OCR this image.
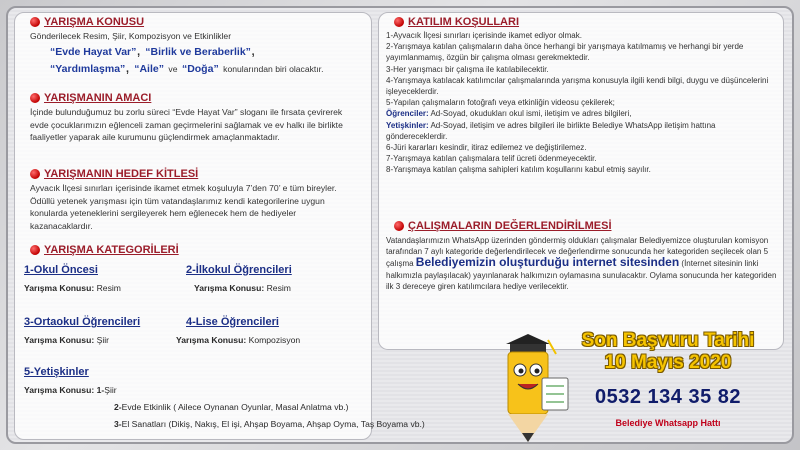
YARIŞMA KONUSU
Gönderilecek Resim, Şiir, Kompozisyon ve Etkinlikler
“Evde Hayat Var”, “Birlik ve Beraberlik”,
“Yardımlaşma”, “Aile” ve “Doğa” konularından biri olacaktır.
YARIŞMANIN AMACI
İçinde bulunduğumuz bu zorlu süreci “Evde Hayat Var” sloganı ile fırsata çevirerek evde çocuklarımızın eğlenceli zaman geçirmelerini sağlamak ve ev halkı ile birlikte faaliyetler yaparak aile kurumunu güçlendirmek amaçlanmaktadır.
YARIŞMANIN HEDEF KİTLESİ
Ayvacık İlçesi sınırları içerisinde ikamet etmek koşuluyla 7’den 70’ e tüm bireyler. Ödüllü yetenek yarışması için tüm vatandaşlarımız kendi kategorilerine uygun konularda yeteneklerini sergileyerek hem eğlenecek hem de hediyeler kazanacaklardır.
YARIŞMA KATEGORİLERİ
1-Okul Öncesi
Yarışma Konusu: Resim
2-İlkokul Öğrencileri
Yarışma Konusu: Resim
3-Ortaokul Öğrencileri
Yarışma Konusu: Şiir
4-Lise Öğrencileri
Yarışma Konusu: Kompozisyon
5-Yetişkinler
Yarışma Konusu: 1-Şiir
2-Evde Etkinlik ( Ailece Oynanan Oyunlar, Masal Anlatma vb.)
3-El Sanatları (Dikiş, Nakış, El işi, Ahşap Boyama, Ahşap Oyma, Taş Boyama vb.)
KATILIM KOŞULLARI
1-Ayvacık İlçesi sınırları içerisinde ikamet ediyor olmak.
2-Yarışmaya katılan çalışmaların daha önce herhangi bir yarışmaya katılmamış ve herhangi bir yerde yayımlanmamış, özgün bir çalışma olması gerekmektedir.
3-Her yarışmacı bir çalışma ile katılabilecektir.
4-Yarışmaya katılacak katılımcılar çalışmalarında yarışma konusuyla ilgili kendi bilgi, duygu ve düşüncelerini işleyeceklerdir.
5-Yapılan çalışmaların fotoğrafı veya etkinliğin videosu çekilerek;
Öğrenciler: Ad-Soyad, okudukları okul ismi, iletişim ve adres bilgileri,
Yetişkinler: Ad-Soyad, iletişim ve adres bilgileri ile birlikte Belediye WhatsApp iletişim hattına göndereceklerdir.
6-Jüri kararları kesindir, itiraz edilemez ve değiştirilemez.
7-Yarışmaya katılan çalışmalara telif ücreti ödenmeyecektir.
8-Yarışmaya katılan çalışma sahipleri katılım koşullarını kabul etmiş sayılır.
ÇALIŞMALARIN DEĞERLENDİRİLMESİ
Vatandaşlarımızın WhatsApp üzerinden göndermiş oldukları çalışmalar Belediyemizce oluşturulan komisyon tarafından 7 aylı kategoride değerlendirilecek ve değerlendirme sonucunda her kategoriden seçilecek olan 5 çalışma Belediyemizin oluşturduğu internet sitesinden (İnternet sitesinin linki halkımızla paylaşılacak) yayınlanarak halkımızın oylamasına sunulacaktır. Oylama sonucunda her kategoriden ilk 3 dereceye giren katılımcılara hediye verilecektir.
Son Başvuru Tarihi
10 Mayıs 2020
0532 134 35 82
Belediye Whatsapp Hattı
